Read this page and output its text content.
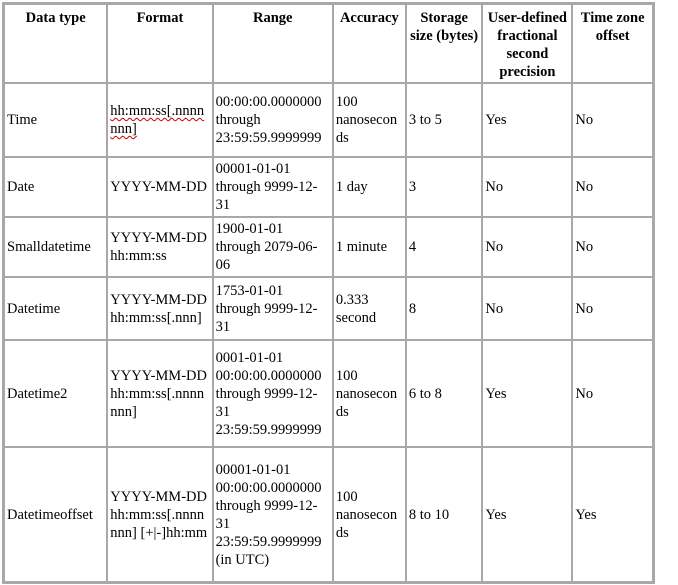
Data type	Format	Range	Accuracy	Storage size (bytes)	User-defined fractional second precision	Time zone offset
Time	hh:mm:ss[.nnnnnnn]	00:00:00.0000000 through 23:59:59.9999999	100 nanoseconds	3 to 5	Yes	No
Date	YYYY-MM-DD	00001-01-01 through 9999-12-31	1 day	3	No	No
Smalldatetime	YYYY-MM-DD hh:mm:ss	1900-01-01 through 2079-06-06	1 minute	4	No	No
Datetime	YYYY-MM-DD hh:mm:ss[.nnn]	1753-01-01 through 9999-12-31	0.333 second	8	No	No
Datetime2	YYYY-MM-DD hh:mm:ss[.nnnnnnn]	0001-01-01 00:00:00.0000000 through 9999-12-31 23:59:59.9999999	100 nanoseconds	6 to 8	Yes	No
Datetimeoffset	YYYY-MM-DD hh:mm:ss[.nnnnnnn] [+|-]hh:mm	00001-01-01 00:00:00.0000000 through 9999-12-31 23:59:59.9999999 (in UTC)	100 nanoseconds	8 to 10	Yes	Yes
